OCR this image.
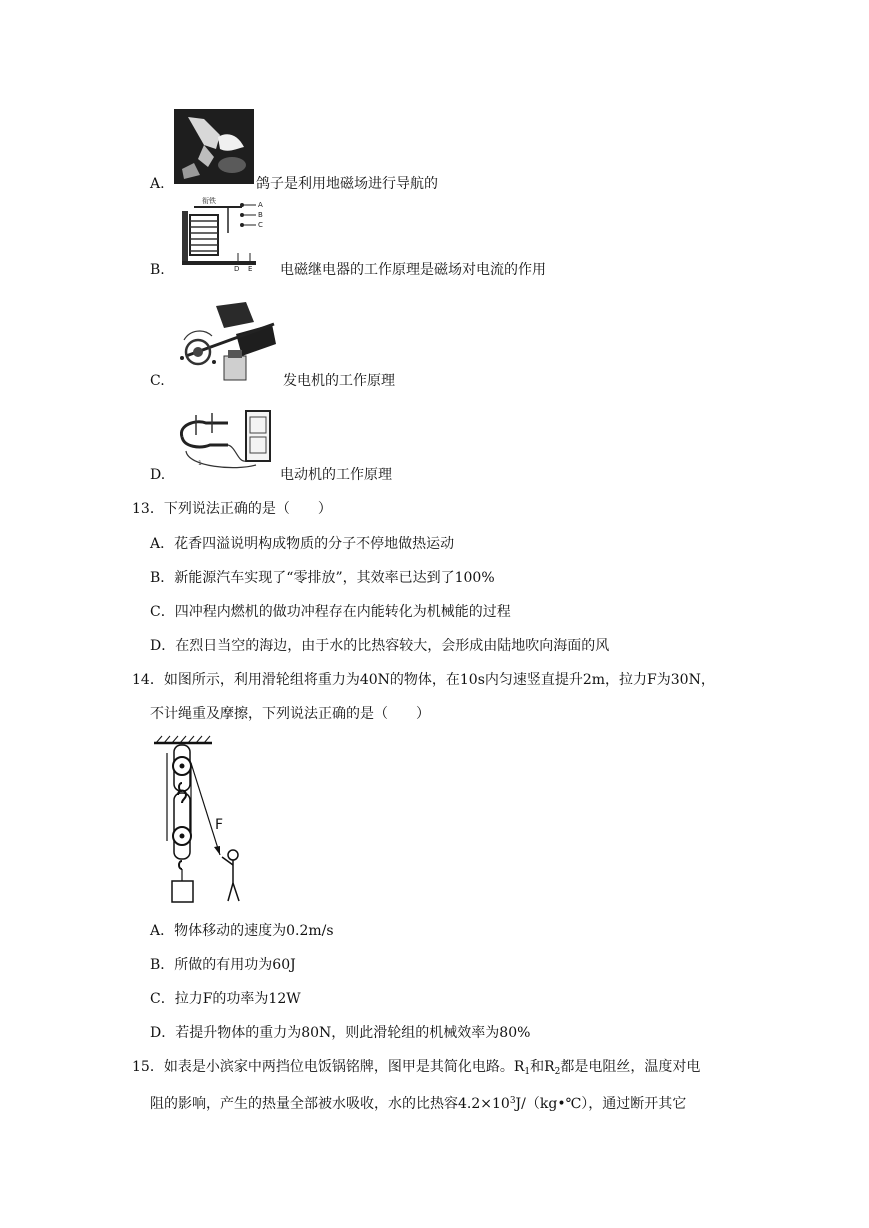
A.	鸽子是利用地磁场进行导航的
衔铁	A
B
C
D E
B.	电磁继电器的工作原理是磁场对电流的作用
C.	发电机的工作原理
1
D.	电动机的工作原理
13．下列说法正确的是（　　）
A．花香四溢说明构成物质的分子不停地做热运动
B．新能源汽车实现了“零排放”，其效率已达到了100%
C．四冲程内燃机的做功冲程存在内能转化为机械能的过程
D．在烈日当空的海边，由于水的比热容较大，会形成由陆地吹向海面的风
14．如图所示，利用滑轮组将重力为40N的物体，在10s内匀速竖直提升2m，拉力F为30N，
不计绳重及摩擦，下列说法正确的是（　　）
F
A．物体移动的速度为0.2m/s
B．所做的有用功为60J
C．拉力F的功率为12W
D．若提升物体的重力为80N，则此滑轮组的机械效率为80%
15．如表是小滨家中两挡位电饭锅铭牌，图甲是其简化电路。$R_1$和$R_2$都是电阻丝，温度对电
阻的影响，产生的热量全部被水吸收，水的比热容$4.2\times 10^3J/(kg•℃)$，通过断开其它
